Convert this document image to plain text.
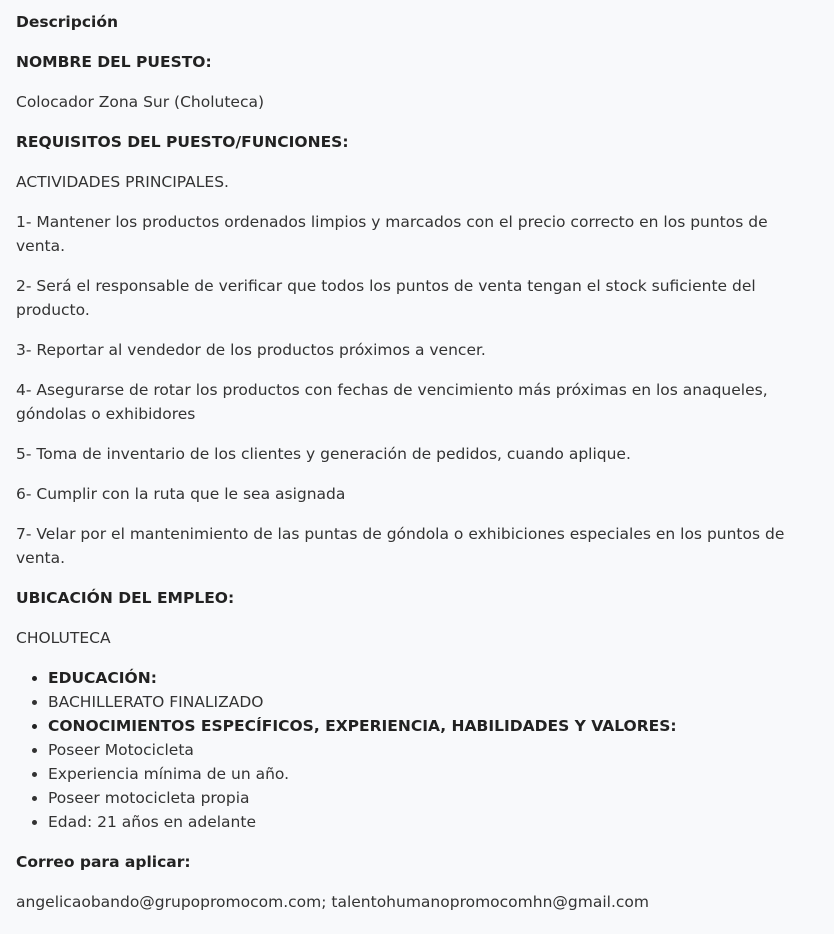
Descripción
NOMBRE DEL PUESTO:
Colocador Zona Sur (Choluteca)
REQUISITOS DEL PUESTO/FUNCIONES:
ACTIVIDADES PRINCIPALES.
1- Mantener los productos ordenados limpios y marcados con el precio correcto en los puntos de venta.
2- Será el responsable de verificar que todos los puntos de venta tengan el stock suficiente del producto.
3- Reportar al vendedor de los productos próximos a vencer.
4- Asegurarse de rotar los productos con fechas de vencimiento más próximas en los anaqueles, góndolas o exhibidores
5- Toma de inventario de los clientes y generación de pedidos, cuando aplique.
6- Cumplir con la ruta que le sea asignada
7- Velar por el mantenimiento de las puntas de góndola o exhibiciones especiales en los puntos de venta.
UBICACIÓN DEL EMPLEO:
CHOLUTECA
• EDUCACIÓN:
• BACHILLERATO FINALIZADO
• CONOCIMIENTOS ESPECÍFICOS, EXPERIENCIA, HABILIDADES Y VALORES:
• Poseer Motocicleta
• Experiencia mínima de un año.
• Poseer motocicleta propia
• Edad: 21 años en adelante
Correo para aplicar:
angelicaobando@grupopromocom.com; talentohumanopromocomhn@gmail.com
